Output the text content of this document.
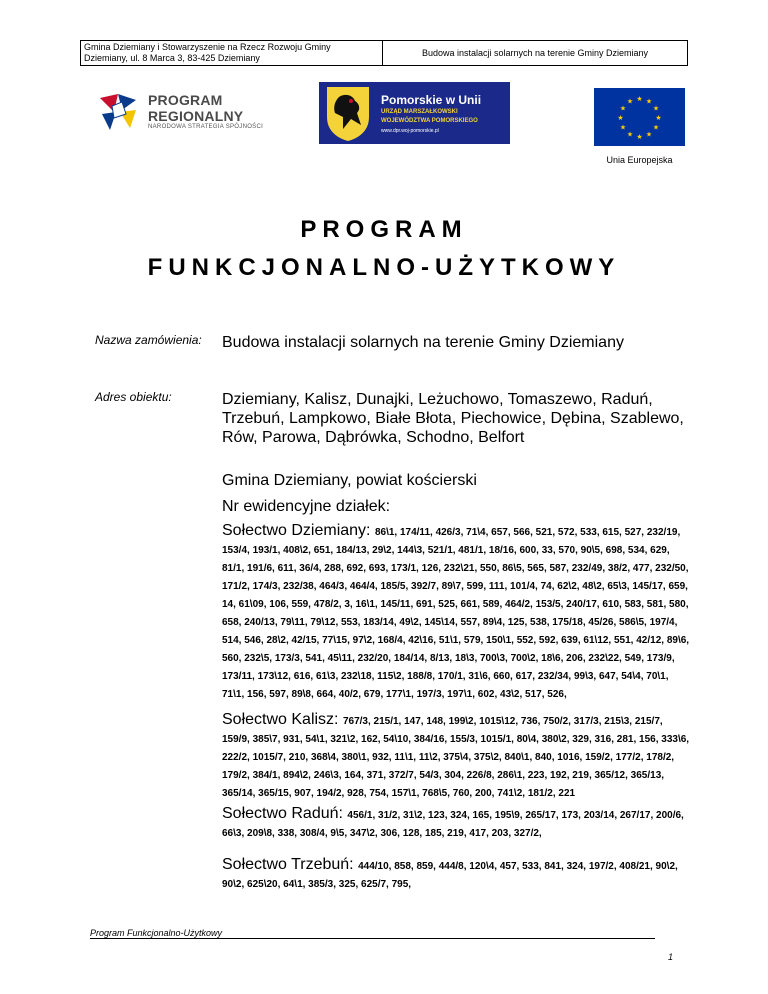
Gmina Dziemiany i Stowarzyszenie na Rzecz Rozwoju Gminy
Dziemiany, ul. 8 Marca 3, 83-425 Dziemiany	Budowa instalacji solarnych na terenie Gminy Dziemiany
PROGRAM REGIONALNY
NARODOWA STRATEGIA SPÓJNOŚCI
Pomorskie w Unii
URZĄD MARSZAŁKOWSKI
WOJEWÓDZTWA POMORSKIEGO
www.dpr.woj-pomorskie.pl
★ ★
★
★
★
★
★
★
★
★
★
★
Unia Europejska
PROGRAM
FUNKCJONALNO-UŻYTKOWY
Nazwa zamówienia: Budowa instalacji solarnych na terenie Gminy Dziemiany
Adres obiektu:	Dziemiany, Kalisz, Dunajki, Leżuchowo, Tomaszewo, Raduń, Trzebuń, Lampkowo, Białe Błota, Piechowice, Dębina, Szablewo, Rów, Parowa, Dąbrówka, Schodno, Belfort
Gmina Dziemiany, powiat kościerski
Nr ewidencyjne działek:
Sołectwo Dziemiany: 86\1, 174/11, 426/3, 71\4, 657, 566, 521, 572, 533, 615, 527, 232/19, 153/4, 193/1, 408\2, 651, 184/13, 29\2, 144\3, 521/1, 481/1, 18/16, 600, 33, 570, 90\5, 698, 534, 629, 81/1, 191/6, 611, 36/4, 288, 692, 693, 173/1, 126, 232\21, 550, 86\5, 565, 587, 232/49, 38/2, 477, 232/50, 171/2, 174/3, 232/38, 464/3, 464/4, 185/5, 392/7, 89\7, 599, 111, 101/4, 74, 62\2, 48\2, 65\3, 145/17, 659, 14, 61\09, 106, 559, 478/2, 3, 16\1, 145/11, 691, 525, 661, 589, 464/2, 153/5, 240/17, 610, 583, 581, 580, 658, 240/13, 79\11, 79\12, 553, 183/14, 49\2, 145\14, 557, 89\4, 125, 538, 175/18, 45/26, 586\5, 197/4, 514, 546, 28\2, 42/15, 77\15, 97\2, 168/4, 42\16, 51\1, 579, 150\1, 552, 592, 639, 61\12, 551, 42/12, 89\6, 560, 232\5, 173/3, 541, 45\11, 232/20, 184/14, 8/13, 18\3, 700\3, 700\2, 18\6, 206, 232\22, 549, 173/9, 173/11, 173\12, 616, 61\3, 232\18, 115\2, 188/8, 170/1, 31\6, 660, 617, 232/34, 99\3, 647, 54\4, 70\1, 71\1, 156, 597, 89\8, 664, 40/2, 679, 177\1, 197/3, 197\1, 602, 43\2, 517, 526,
Sołectwo Kalisz: 767/3, 215/1, 147, 148, 199\2, 1015\12, 736, 750/2, 317/3, 215\3, 215/7, 159/9, 385\7, 931, 54\1, 321\2, 162, 54\10, 384/16, 155/3, 1015/1, 80\4, 380\2, 329, 316, 281, 156, 333\6, 222/2, 1015/7, 210, 368\4, 380\1, 932, 11\1, 11\2, 375\4, 375\2, 840\1, 840, 1016, 159/2, 177/2, 178/2, 179/2, 384/1, 894\2, 246\3, 164, 371, 372/7, 54/3, 304, 226/8, 286\1, 223, 192, 219, 365/12, 365/13, 365/14, 365/15, 907, 194/2, 928, 754, 157\1, 768\5, 760, 200, 741\2, 181/2, 221
Sołectwo Raduń: 456/1, 31/2, 31\2, 123, 324, 165, 195\9, 265/17, 173, 203/14, 267/17, 200/6, 66\3, 209\8, 338, 308/4, 9\5, 347\2, 306, 128, 185, 219, 417, 203, 327/2,
Sołectwo Trzebuń: 444/10, 858, 859, 444/8, 120\4, 457, 533, 841, 324, 197/2, 408/21, 90\2, 90\2, 625\20, 64\1, 385/3, 325, 625/7, 795,
Program Funkcjonalno-Użytkowy
1
